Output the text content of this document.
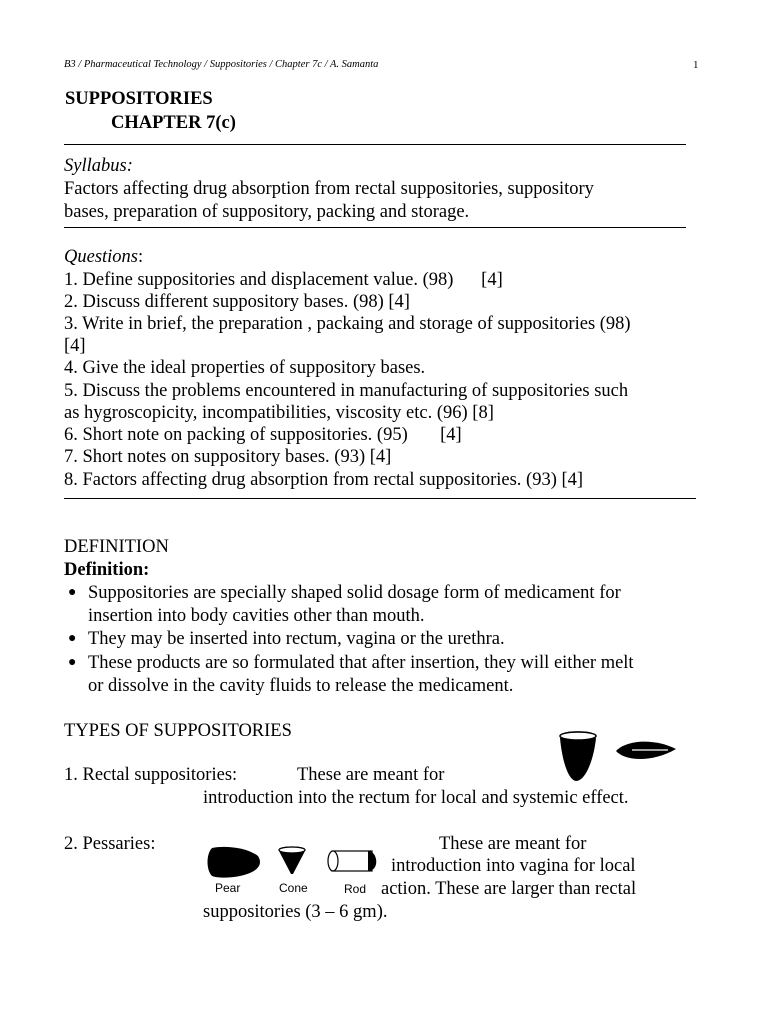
B3 / Pharmaceutical Technology / Suppositories / Chapter 7c / A. Samanta	1
SUPPOSITORIES
CHAPTER 7(c)
Syllabus:
Factors affecting drug absorption from rectal suppositories, suppository
bases, preparation of suppository, packing and storage.
Questions:
1. Define suppositories and displacement value. (98)      [4]
2. Discuss different suppository bases. (98) [4]
3. Write in brief, the preparation , packaing and storage of suppositories (98)
[4]
4. Give the ideal properties of suppository bases.
5. Discuss the problems encountered in manufacturing of suppositories such
as hygroscopicity, incompatibilities, viscosity etc. (96) [8]
6. Short note on packing of suppositories. (95)       [4]
7. Short notes on suppository bases. (93) [4]
8. Factors affecting drug absorption from rectal suppositories. (93) [4]
DEFINITION
Definition:
● Suppositories are specially shaped solid dosage form of medicament for
insertion into body cavities other than mouth.
● They may be inserted into rectum, vagina or the urethra.
● These products are so formulated that after insertion, they will either melt
or dissolve in the cavity fluids to release the medicament.
TYPES OF SUPPOSITORIES
1. Rectal suppositories:	These are meant for
introduction into the rectum for local and systemic effect.
2. Pessaries:
Pear	Cone	Rod
These are meant for
introduction into vagina for local
action. These are larger than rectal
suppositories (3 – 6 gm).
